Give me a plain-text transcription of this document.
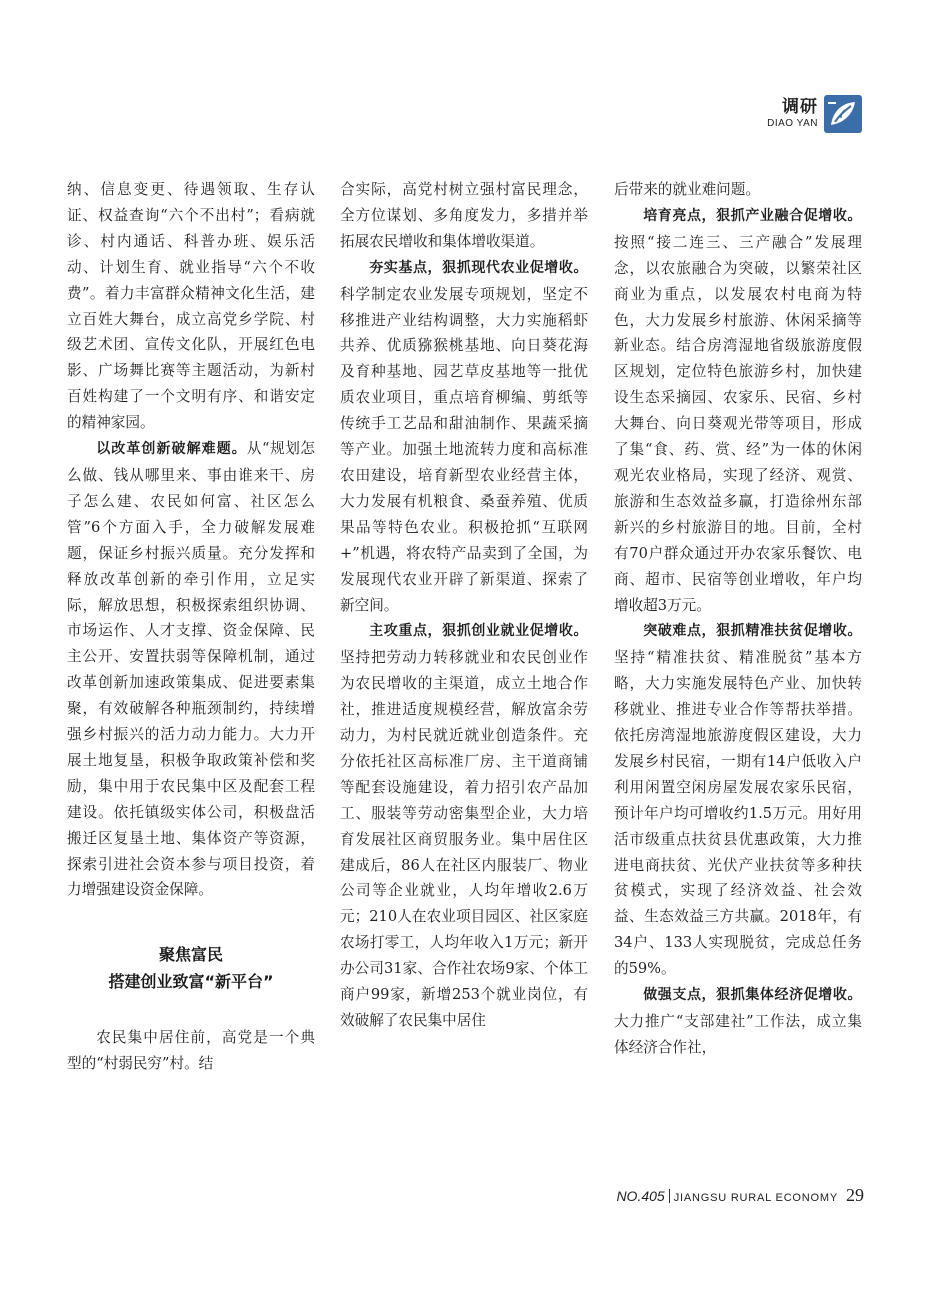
调研
DIAO YAN

纳、信息变更、待遇领取、生存认证、权益查询“六个不出村”；看病就诊、村内通话、科普办班、娱乐活动、计划生育、就业指导“六个不收费”。着力丰富群众精神文化生活，建立百姓大舞台，成立高党乡学院、村级艺术团、宣传文化队，开展红色电影、广场舞比赛等主题活动，为新村百姓构建了一个文明有序、和谐安定的精神家园。

以改革创新破解难题。从“规划怎么做、钱从哪里来、事由谁来干、房子怎么建、农民如何富、社区怎么管”6个方面入手，全力破解发展难题，保证乡村振兴质量。充分发挥和释放改革创新的牵引作用，立足实际，解放思想，积极探索组织协调、市场运作、人才支撑、资金保障、民主公开、安置扶弱等保障机制，通过改革创新加速政策集成、促进要素集聚，有效破解各种瓶颈制约，持续增强乡村振兴的活力动力能力。大力开展土地复垦，积极争取政策补偿和奖励，集中用于农民集中区及配套工程建设。依托镇级实体公司，积极盘活搬迁区复垦土地、集体资产等资源，探索引进社会资本参与项目投资，着力增强建设资金保障。

聚焦富民
搭建创业致富“新平台”

农民集中居住前，高党是一个典型的“村弱民穷”村。结

合实际，高党村树立强村富民理念，全方位谋划、多角度发力，多措并举拓展农民增收和集体增收渠道。

夯实基点，狠抓现代农业促增收。科学制定农业发展专项规划，坚定不移推进产业结构调整，大力实施稻虾共养、优质猕猴桃基地、向日葵花海及育种基地、园艺草皮基地等一批优质农业项目，重点培育柳编、剪纸等传统手工艺品和甜油制作、果蔬采摘等产业。加强土地流转力度和高标准农田建设，培育新型农业经营主体，大力发展有机粮食、桑蚕养殖、优质果品等特色农业。积极抢抓“互联网+”机遇，将农特产品卖到了全国，为发展现代农业开辟了新渠道、探索了新空间。

主攻重点，狠抓创业就业促增收。坚持把劳动力转移就业和农民创业作为农民增收的主渠道，成立土地合作社，推进适度规模经营，解放富余劳动力，为村民就近就业创造条件。充分依托社区高标准厂房、主干道商铺等配套设施建设，着力招引农产品加工、服装等劳动密集型企业，大力培育发展社区商贸服务业。集中居住区建成后，86人在社区内服装厂、物业公司等企业就业，人均年增收2.6万元；210人在农业项目园区、社区家庭农场打零工，人均年收入1万元；新开办公司31家、合作社农场9家、个体工商户99家，新增253个就业岗位，有效破解了农民集中居住

后带来的就业难问题。

培育亮点，狠抓产业融合促增收。按照“接二连三、三产融合”发展理念，以农旅融合为突破，以繁荣社区商业为重点，以发展农村电商为特色，大力发展乡村旅游、休闲采摘等新业态。结合房湾湿地省级旅游度假区规划，定位特色旅游乡村，加快建设生态采摘园、农家乐、民宿、乡村大舞台、向日葵观光带等项目，形成了集“食、药、赏、经”为一体的休闲观光农业格局，实现了经济、观赏、旅游和生态效益多赢，打造徐州东部新兴的乡村旅游目的地。目前，全村有70户群众通过开办农家乐餐饮、电商、超市、民宿等创业增收，年户均增收超3万元。

突破难点，狠抓精准扶贫促增收。坚持“精准扶贫、精准脱贫”基本方略，大力实施发展特色产业、加快转移就业、推进专业合作等帮扶举措。依托房湾湿地旅游度假区建设，大力发展乡村民宿，一期有14户低收入户利用闲置空闲房屋发展农家乐民宿，预计年户均可增收约1.5万元。用好用活市级重点扶贫县优惠政策，大力推进电商扶贫、光伏产业扶贫等多种扶贫模式，实现了经济效益、社会效益、生态效益三方共赢。2018年，有34户、133人实现脱贫，完成总任务的59%。

做强支点，狠抓集体经济促增收。大力推广“支部建社”工作法，成立集体经济合作社，

NO.405 JIANGSU RURAL ECONOMY 29
